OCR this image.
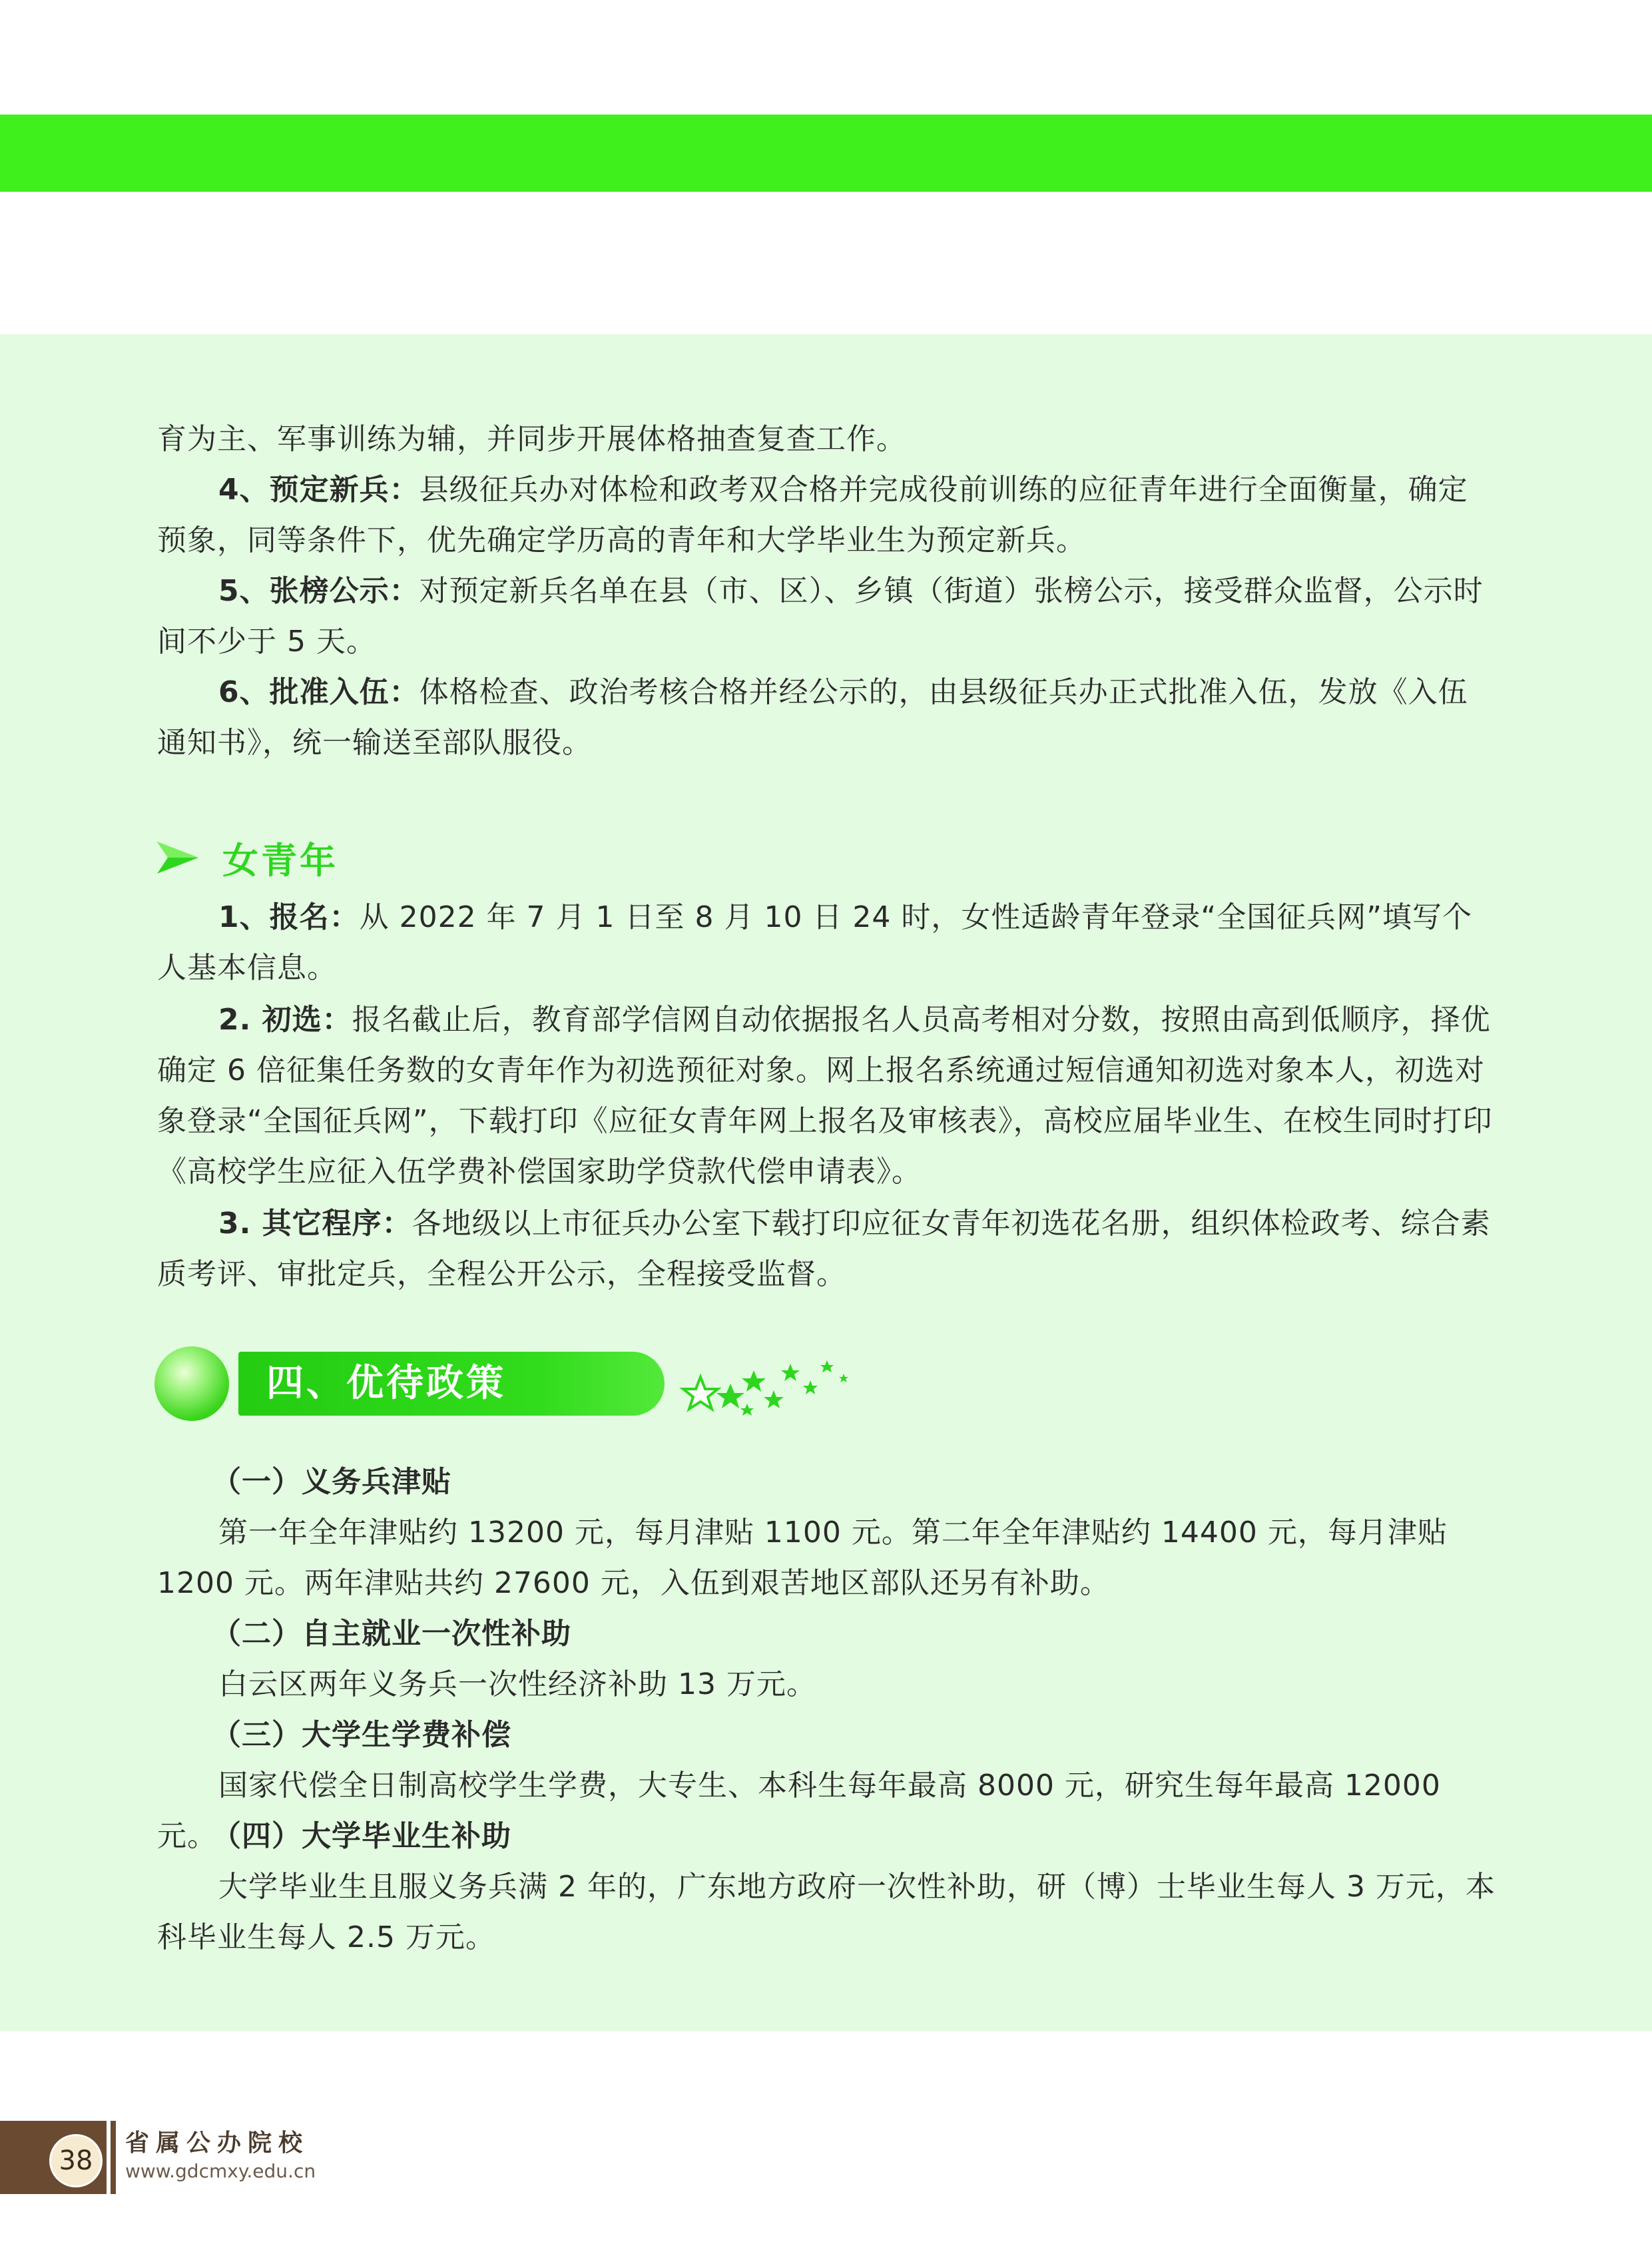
育为主、军事训练为辅，并同步开展体格抽查复查工作。

4、预定新兵：县级征兵办对体检和政考双合格并完成役前训练的应征青年进行全面衡量，确定预象，同等条件下，优先确定学历高的青年和大学毕业生为预定新兵。

5、张榜公示：对预定新兵名单在县（市、区）、乡镇（街道）张榜公示，接受群众监督，公示时间不少于 5 天。

6、批准入伍：体格检查、政治考核合格并经公示的，由县级征兵办正式批准入伍，发放《入伍通知书》，统一输送至部队服役。

女青年

1、报名：从 2022 年 7 月 1 日至 8 月 10 日 24 时，女性适龄青年登录“全国征兵网”填写个人基本信息。

2. 初选：报名截止后，教育部学信网自动依据报名人员高考相对分数，按照由高到低顺序，择优确定 6 倍征集任务数的女青年作为初选预征对象。网上报名系统通过短信通知初选对象本人，初选对象登录“全国征兵网”，下载打印《应征女青年网上报名及审核表》，高校应届毕业生、在校生同时打印《高校学生应征入伍学费补偿国家助学贷款代偿申请表》。

3. 其它程序：各地级以上市征兵办公室下载打印应征女青年初选花名册，组织体检政考、综合素质考评、审批定兵，全程公开公示，全程接受监督。

四、优待政策

（一）义务兵津贴

第一年全年津贴约 13200 元，每月津贴 1100 元。第二年全年津贴约 14400 元，每月津贴 1200 元。两年津贴共约 27600 元，入伍到艰苦地区部队还另有补助。

（二）自主就业一次性补助

白云区两年义务兵一次性经济补助 13 万元。

（三）大学生学费补偿

国家代偿全日制高校学生学费，大专生、本科生每年最高 8000 元，研究生每年最高 12000 元。

（四）大学毕业生补助

大学毕业生且服义务兵满 2 年的，广东地方政府一次性补助，研（博）士毕业生每人 3 万元，本科毕业生每人 2.5 万元。

38
省属公办院校
www.gdcmxy.edu.cn
